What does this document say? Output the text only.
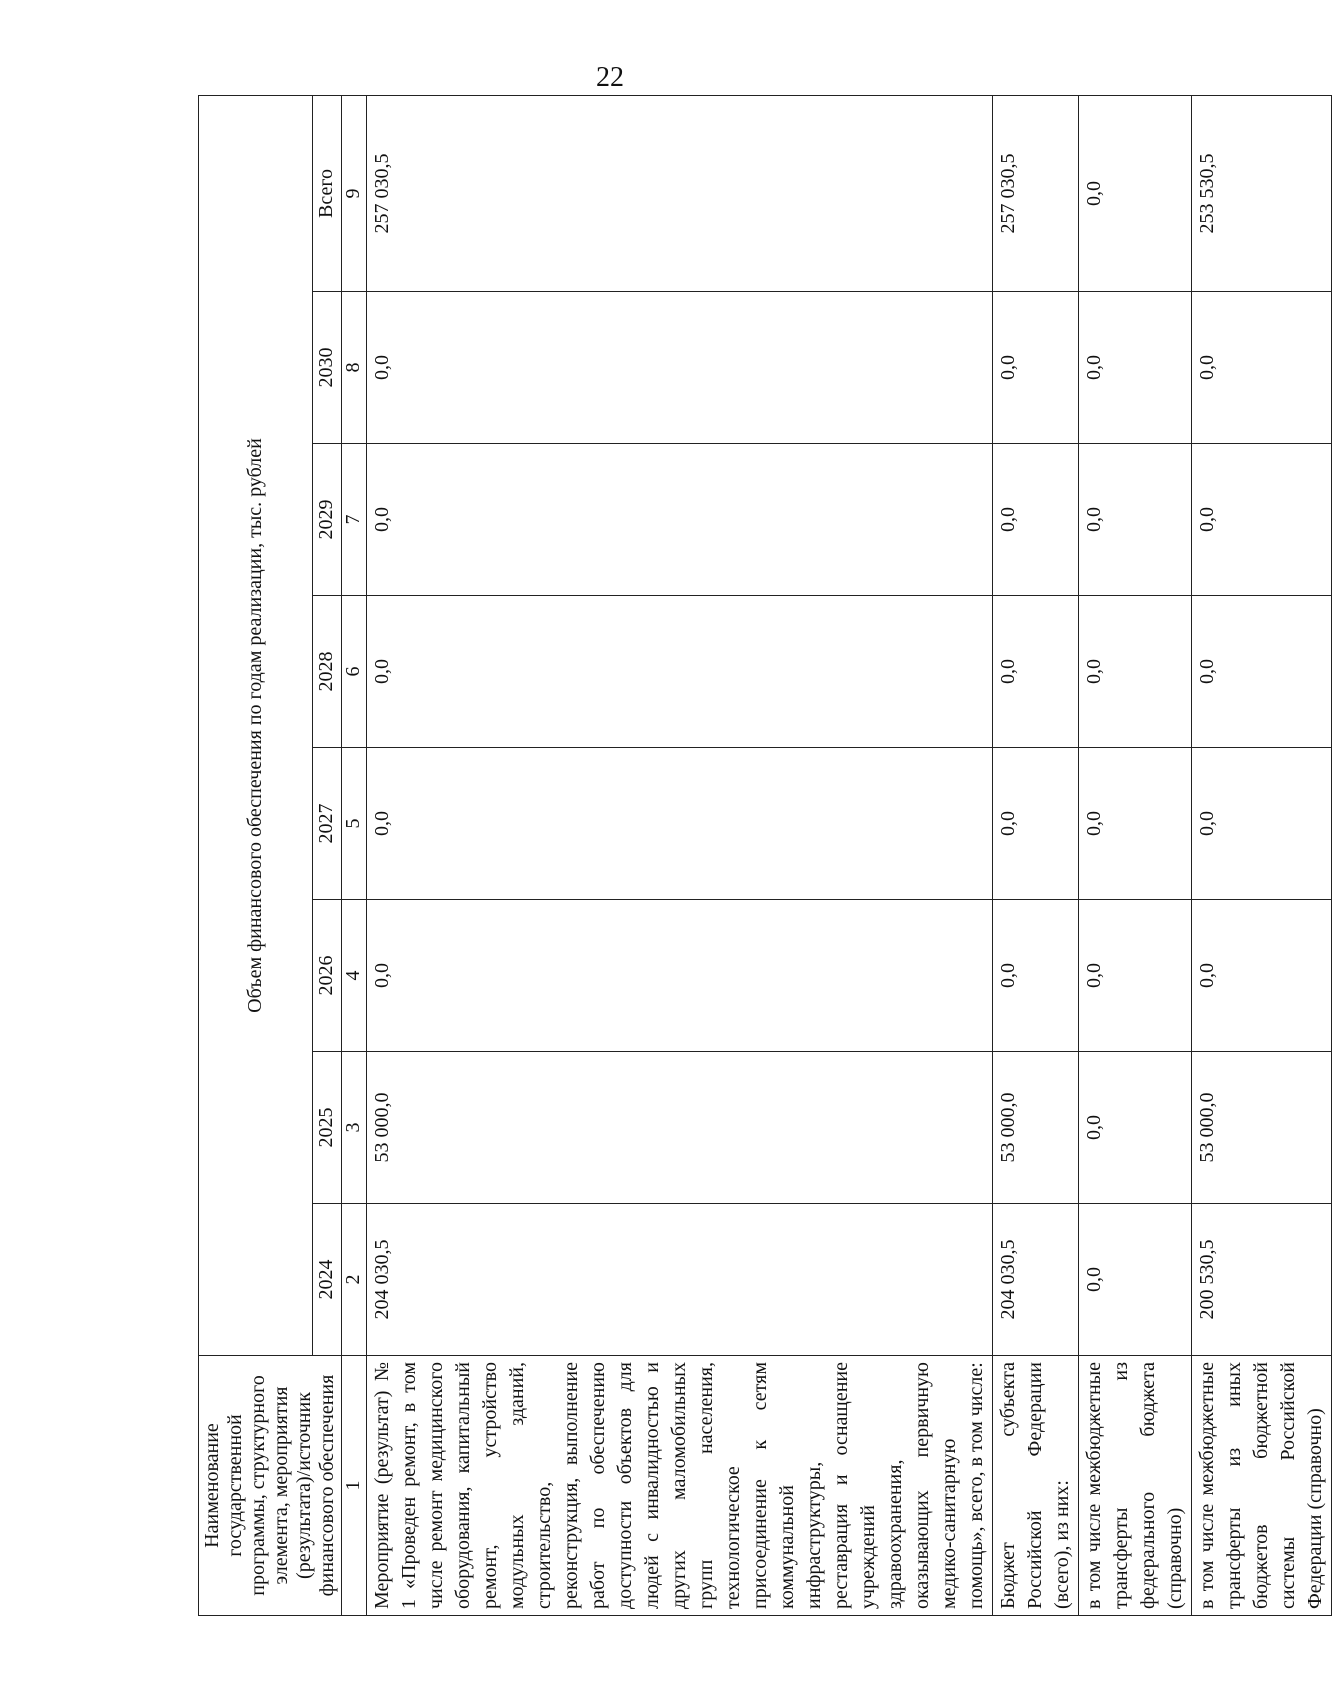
22
Наименование государственной программы, структурного элемента, мероприятия (результата)/источник финансового обеспечения	Объем финансового обеспечения по годам реализации, тыс. рублей							
	2024	2025	2026	2027	2028	2029	2030	Всего
1	2	3	4	5	6	7	8	9
Мероприятие (результат) № 1 «Проведен ремонт, в том числе ремонт медицинского оборудования, капитальный ремонт, устройство модульных зданий, строительство, реконструкция, выполнение работ по обеспечению доступности объектов для людей с инвалидностью и других маломобильных групп населения, технологическое присоединение к сетям коммунальной инфраструктуры, реставрация и оснащение учреждений здравоохранения, оказывающих первичную медико-санитарную помощь», всего, в том числе:	204 030,5	53 000,0	0,0	0,0	0,0	0,0	0,0	257 030,5
Бюджет субъекта Российской Федерации (всего), из них:	204 030,5	53 000,0	0,0	0,0	0,0	0,0	0,0	257 030,5
в том числе межбюджетные трансферты из федерального бюджета (справочно)	0,0	0,0	0,0	0,0	0,0	0,0	0,0	0,0
в том числе межбюджетные трансферты из иных бюджетов бюджетной системы Российской Федерации (справочно)	200 530,5	53 000,0	0,0	0,0	0,0	0,0	0,0	253 530,5
